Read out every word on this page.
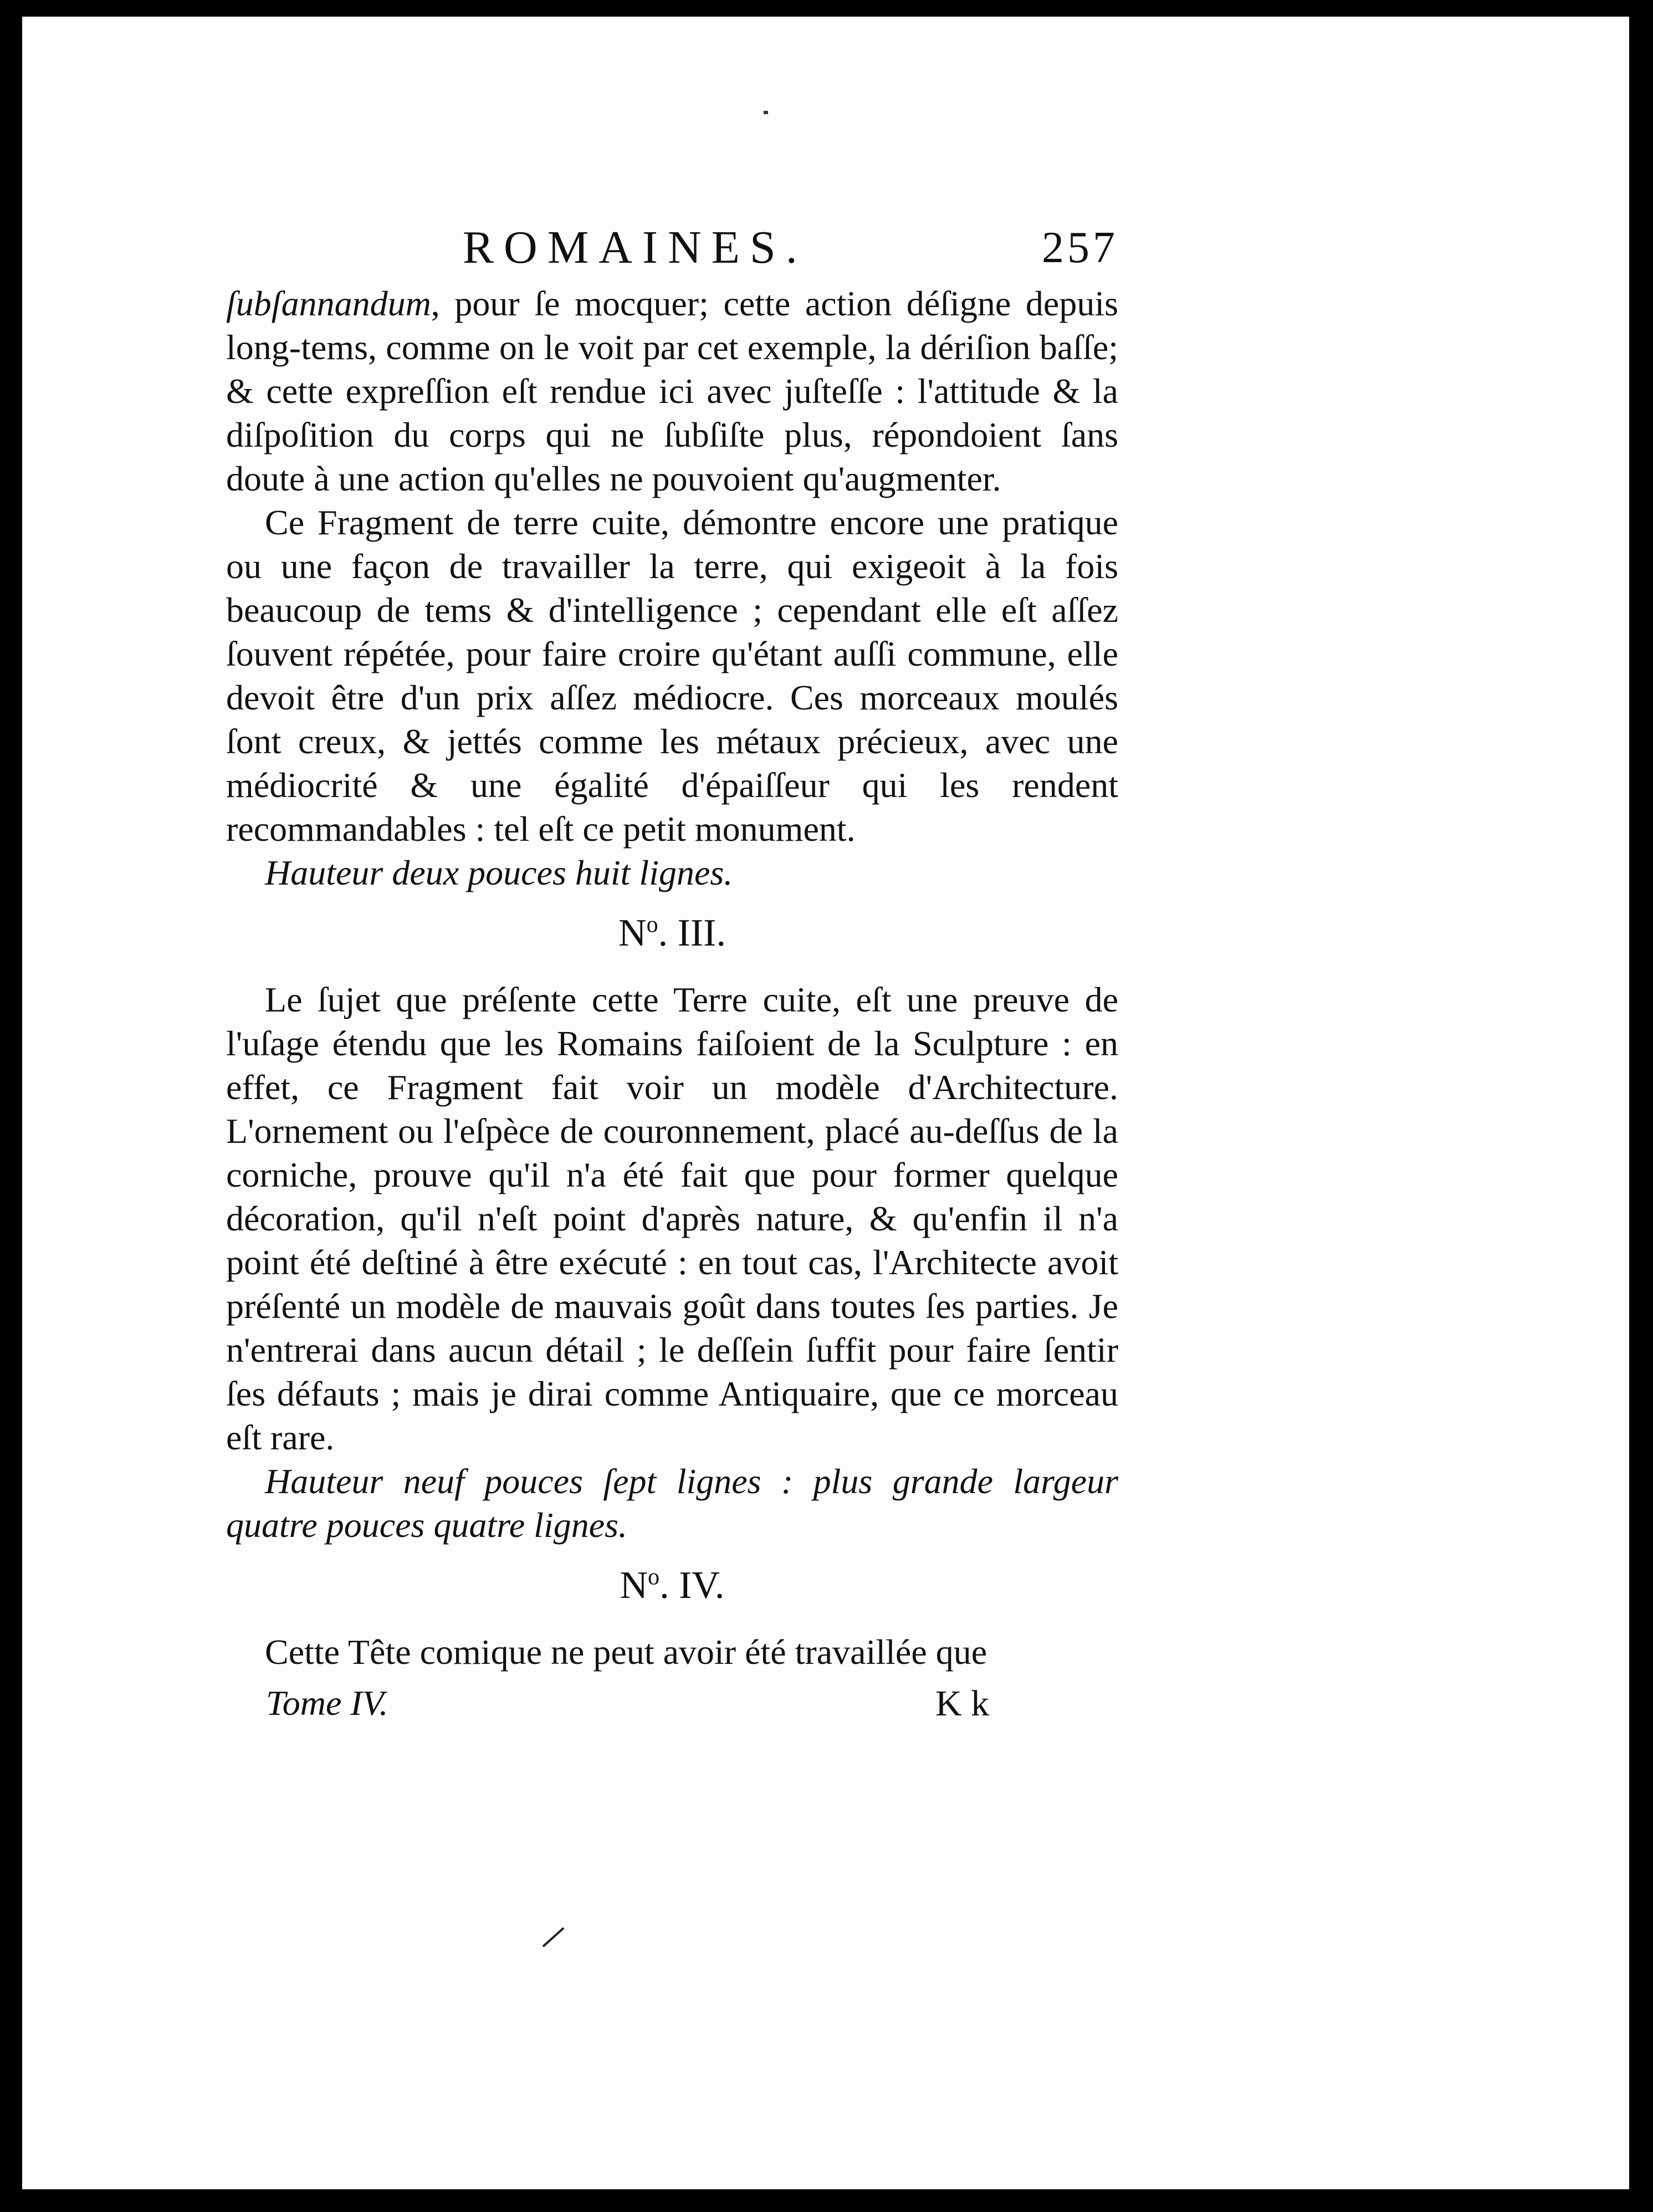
ROMAINES.	257

ſubſannandum, pour ſe mocquer; cette action déſigne depuis long-tems, comme on le voit par cet exemple, la dériſion baſſe; & cette expreſſion eſt rendue ici avec juſteſſe : l'attitude & la diſpoſition du corps qui ne ſubſiſte plus, répondoient ſans doute à une action qu'elles ne pouvoient qu'augmenter.

Ce Fragment de terre cuite, démontre encore une pratique ou une façon de travailler la terre, qui exigeoit à la fois beaucoup de tems & d'intelligence ; cependant elle eſt aſſez ſouvent répétée, pour faire croire qu'étant auſſi commune, elle devoit être d'un prix aſſez médiocre. Ces morceaux moulés ſont creux, & jettés comme les métaux précieux, avec une médiocrité & une égalité d'épaiſſeur qui les rendent recommandables : tel eſt ce petit monument.

Hauteur deux pouces huit lignes.

$N^o$. III.

Le ſujet que préſente cette Terre cuite, eſt une preuve de l'uſage étendu que les Romains faiſoient de la Sculpture : en effet, ce Fragment fait voir un modèle d'Architecture. L'ornement ou l'eſpèce de couronnement, placé au-deſſus de la corniche, prouve qu'il n'a été fait que pour former quelque décoration, qu'il n'eſt point d'après nature, & qu'enfin il n'a point été deſtiné à être exécuté : en tout cas, l'Architecte avoit préſenté un modèle de mauvais goût dans toutes ſes parties. Je n'entrerai dans aucun détail ; le deſſein ſuffit pour faire ſentir ſes défauts ; mais je dirai comme Antiquaire, que ce morceau eſt rare.

Hauteur neuf pouces ſept lignes : plus grande largeur quatre pouces quatre lignes.

$N^o$. IV.

Cette Tête comique ne peut avoir été travaillée que

Tome IV.	K k
